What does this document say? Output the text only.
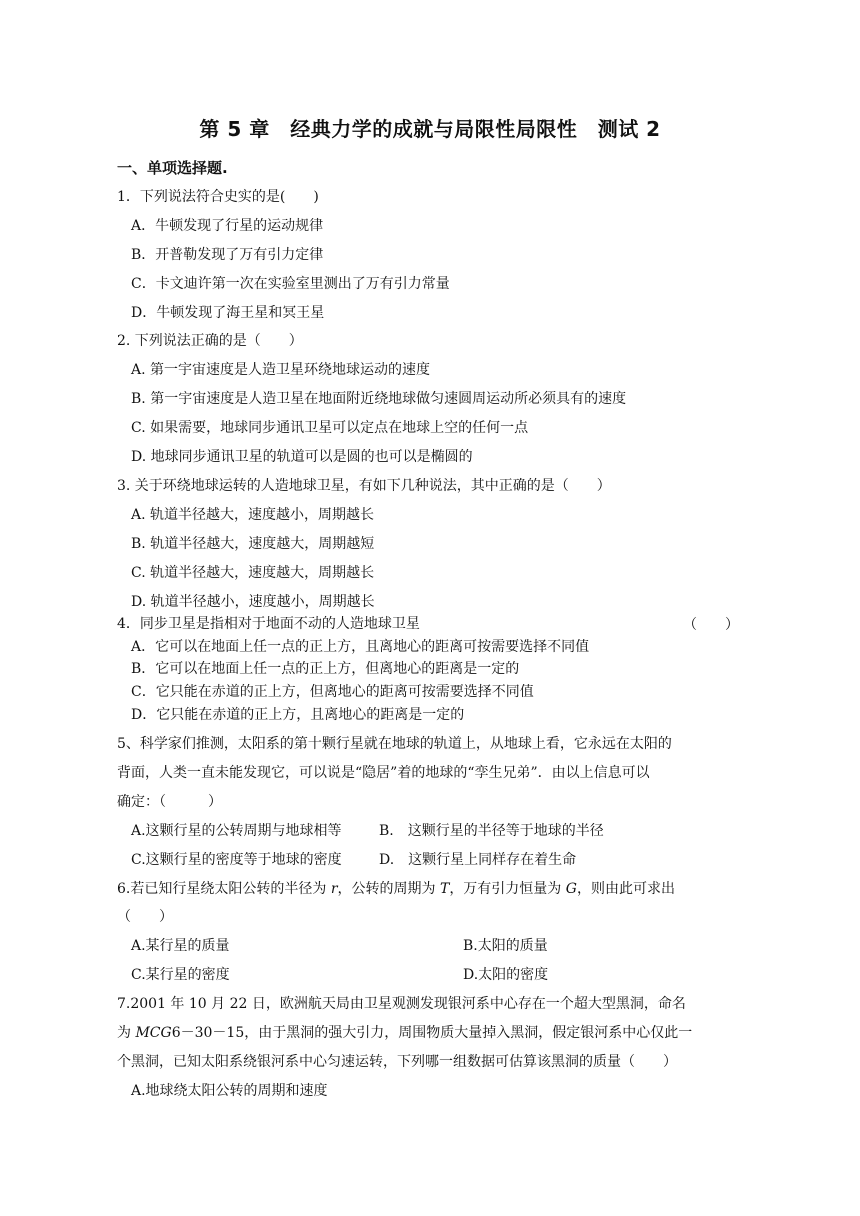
第 5 章　经典力学的成就与局限性局限性　测试 2
一、单项选择题.
1．下列说法符合史实的是(　　)
A．牛顿发现了行星的运动规律
B．开普勒发现了万有引力定律
C．卡文迪许第一次在实验室里测出了万有引力常量
D．牛顿发现了海王星和冥王星
2. 下列说法正确的是（　　）
A. 第一宇宙速度是人造卫星环绕地球运动的速度
B. 第一宇宙速度是人造卫星在地面附近绕地球做匀速圆周运动所必须具有的速度
C. 如果需要，地球同步通讯卫星可以定点在地球上空的任何一点
D. 地球同步通讯卫星的轨道可以是圆的也可以是椭圆的
3. 关于环绕地球运转的人造地球卫星，有如下几种说法，其中正确的是（　　）
A. 轨道半径越大，速度越小，周期越长
B. 轨道半径越大，速度越大，周期越短
C. 轨道半径越大，速度越大，周期越长
D. 轨道半径越小，速度越小，周期越长
4．同步卫星是指相对于地面不动的人造地球卫星	（　　）
A．它可以在地面上任一点的正上方，且离地心的距离可按需要选择不同值
B．它可以在地面上任一点的正上方，但离地心的距离是一定的
C．它只能在赤道的正上方，但离地心的距离可按需要选择不同值
D．它只能在赤道的正上方，且离地心的距离是一定的
5、科学家们推测，太阳系的第十颗行星就在地球的轨道上，从地球上看，它永远在太阳的
背面，人类一直未能发现它，可以说是“隐居”着的地球的“孪生兄弟”．由以上信息可以
确定：（　　　）
A.这颗行星的公转周期与地球相等	B.　这颗行星的半径等于地球的半径
C.这颗行星的密度等于地球的密度	D.　这颗行星上同样存在着生命
6.若已知行星绕太阳公转的半径为 r，公转的周期为 T，万有引力恒量为 G，则由此可求出
（　　）
A.某行星的质量	B.太阳的质量
C.某行星的密度	D.太阳的密度
7.2001 年 10 月 22 日，欧洲航天局由卫星观测发现银河系中心存在一个超大型黑洞，命名
为 MCG6－30－15，由于黑洞的强大引力，周围物质大量掉入黑洞，假定银河系中心仅此一
个黑洞，已知太阳系绕银河系中心匀速运转，下列哪一组数据可估算该黑洞的质量（　　）
A.地球绕太阳公转的周期和速度
